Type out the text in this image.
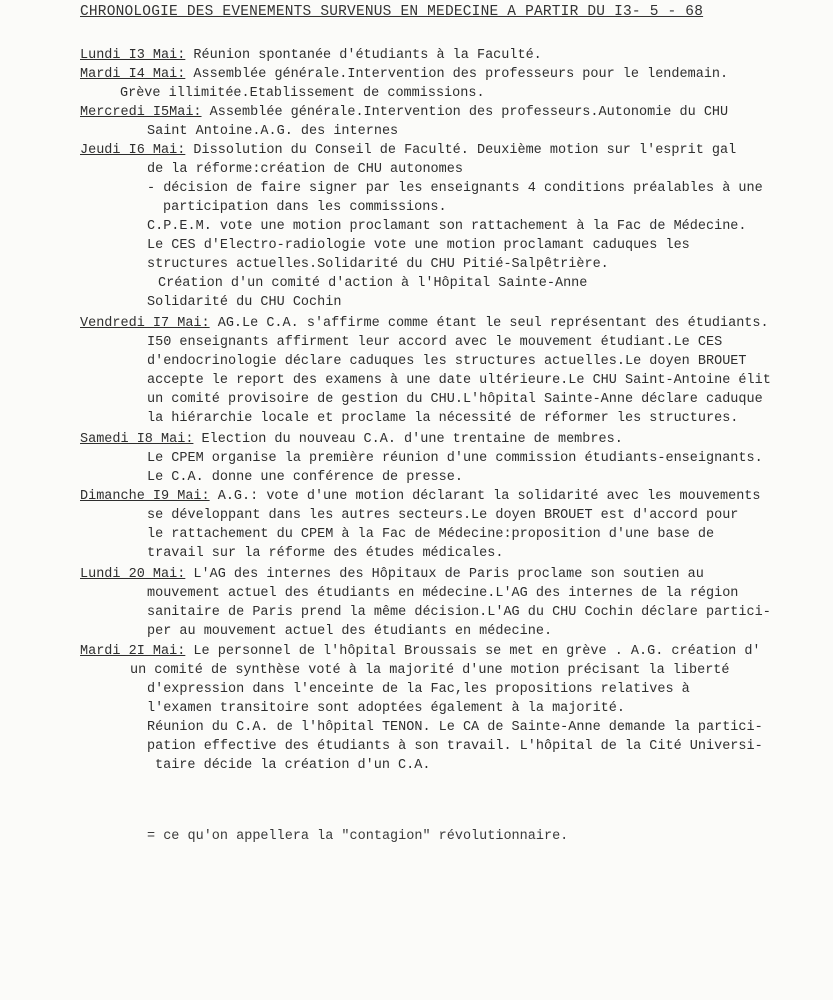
CHRONOLOGIE DES EVENEMENTS SURVENUS EN MEDECINE A PARTIR DU I3- 5 - 68
Lundi I3 Mai: Réunion spontanée d'étudiants à la Faculté.
Mardi I4 Mai: Assemblée générale.Intervention des professeurs pour le lendemain.
Grève illimitée.Etablissement de commissions.
Mercredi I5Mai: Assemblée générale.Intervention des professeurs.Autonomie du CHU
Saint Antoine.A.G. des internes
Jeudi I6 Mai: Dissolution du Conseil de Faculté. Deuxième motion sur l'esprit gal
de la réforme:création de CHU autonomes
- décision de faire signer par les enseignants 4 conditions préalables à une
participation dans les commissions.
C.P.E.M. vote une motion proclamant son rattachement à la Fac de Médecine.
Le CES d'Electro-radiologie vote une motion proclamant caduques les
structures actuelles.Solidarité du CHU Pitié-Salpêtrière.
Création d'un comité d'action à l'Hôpital Sainte-Anne
Solidarité du CHU Cochin
Vendredi I7 Mai: AG.Le C.A. s'affirme comme étant le seul représentant des étudiants.
I50 enseignants affirment leur accord avec le mouvement étudiant.Le CES
d'endocrinologie déclare caduques les structures actuelles.Le doyen BROUET
accepte le report des examens à une date ultérieure.Le CHU Saint-Antoine élit
un comité provisoire de gestion du CHU.L'hôpital Sainte-Anne déclare caduque
la hiérarchie locale et proclame la nécessité de réformer les structures.
Samedi I8 Mai: Election du nouveau C.A. d'une trentaine de membres.
Le CPEM organise la première réunion d'une commission étudiants-enseignants.
Le C.A. donne une conférence de presse.
Dimanche I9 Mai: A.G.: vote d'une motion déclarant la solidarité avec les mouvements
se développant dans les autres secteurs.Le doyen BROUET est d'accord pour
le rattachement du CPEM à la Fac de Médecine:proposition d'une base de
travail sur la réforme des études médicales.
Lundi 20 Mai: L'AG des internes des Hôpitaux de Paris proclame son soutien au
mouvement actuel des étudiants en médecine.L'AG des internes de la région
sanitaire de Paris prend la même décision.L'AG du CHU Cochin déclare partici-
per au mouvement actuel des étudiants en médecine.
Mardi 2I Mai: Le personnel de l'hôpital Broussais se met en grève . A.G. création d'
un comité de synthèse voté à la majorité d'une motion précisant la liberté
d'expression dans l'enceinte de la Fac,les propositions relatives à
l'examen transitoire sont adoptées également à la majorité.
Réunion du C.A. de l'hôpital TENON. Le CA de Sainte-Anne demande la partici-
pation effective des étudiants à son travail. L'hôpital de la Cité Universi-
taire décide la création d'un C.A.
= ce qu'on appellera la "contagion" révolutionnaire.
